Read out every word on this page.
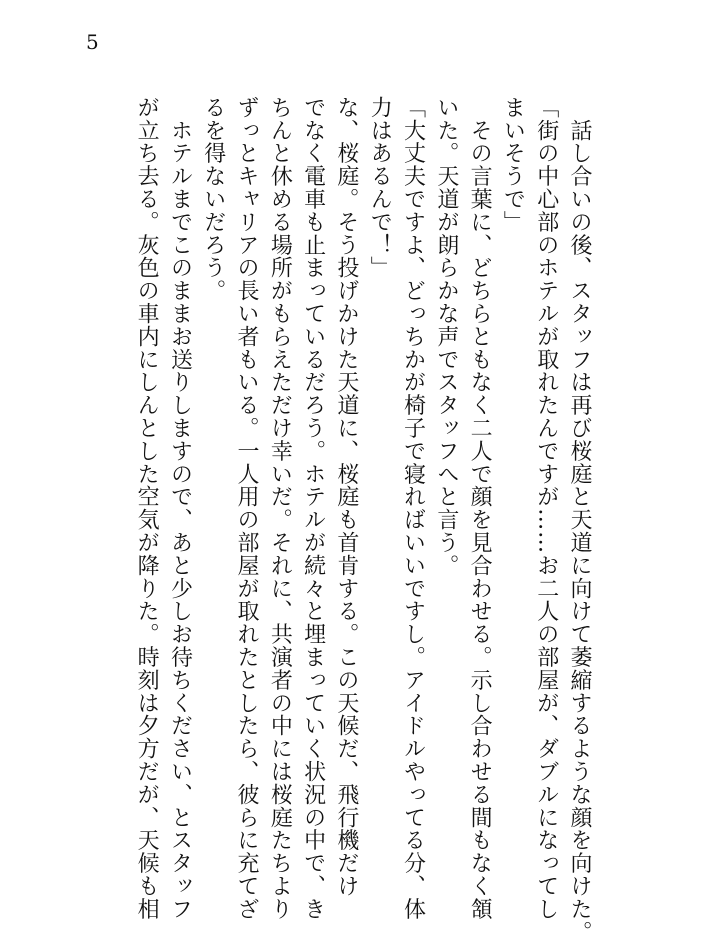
5
　話し合いの後、スタッフは再び桜庭と天道に向けて萎縮するような顔を向けた。
「街の中心部のホテルが取れたんですが……お二人の部屋が、ダブルになってし
まいそうで」
　その言葉に、どちらともなく二人で顔を見合わせる。示し合わせる間もなく頷
いた。天道が朗らかな声でスタッフへと言う。
「大丈夫ですよ、どっちかが椅子で寝ればいいですし。アイドルやってる分、体
力はあるんで！」
な、桜庭。そう投げかけた天道に、桜庭も首肯する。この天候だ、飛行機だけ
でなく電車も止まっているだろう。ホテルが続々と埋まっていく状況の中で、き
ちんと休める場所がもらえただけ幸いだ。それに、共演者の中には桜庭たちより
ずっとキャリアの長い者もいる。一人用の部屋が取れたとしたら、彼らに充てざ
るを得ないだろう。
　ホテルまでこのままお送りしますので、あと少しお待ちください、とスタッフ
が立ち去る。灰色の車内にしんとした空気が降りた。時刻は夕方だが、天候も相
